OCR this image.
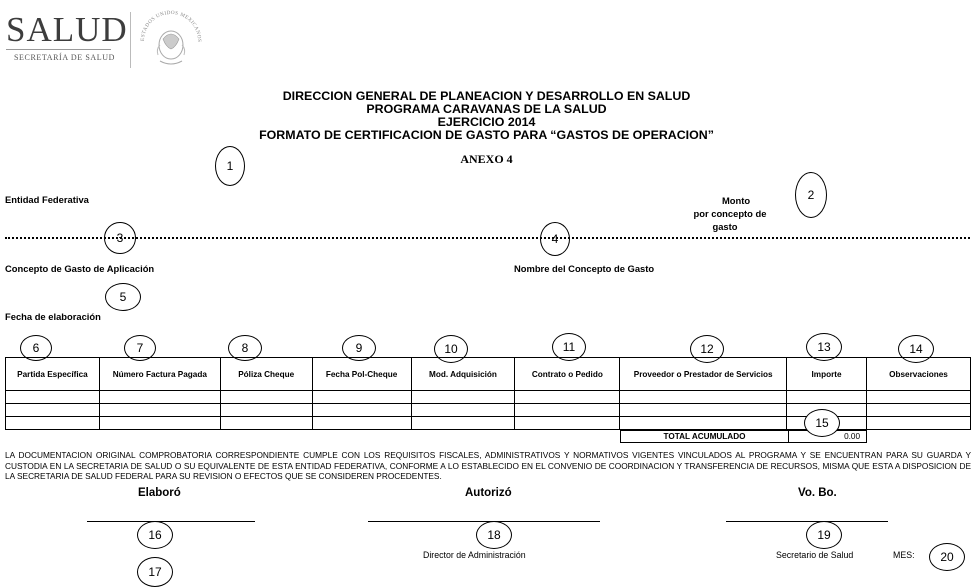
SALUD
SECRETARÍA DE SALUD
ESTADOS UNIDOS MEXICANOS
DIRECCION GENERAL DE PLANEACION Y DESARROLLO EN SALUD
PROGRAMA CARAVANAS DE LA SALUD
EJERCICIO 2014
FORMATO DE CERTIFICACION DE GASTO PARA “GASTOS DE OPERACION”
ANEXO 4
1
2
3	4
5
Entidad Federativa	Monto
por concepto de
gasto
Concepto de Gasto de Aplicación	Nombre del Concepto de Gasto
Fecha de elaboración
6	7	8	9	10	11	12	13	14
Partida Específica	Número Factura Pagada	Póliza Cheque	Fecha Pol-Cheque	Mod. Adquisición	Contrato o Pedido	Proveedor o Prestador de Servicios	Importe	Observaciones

TOTAL ACUMULADO	0.00
15
LA DOCUMENTACION ORIGINAL COMPROBATORIA CORRESPONDIENTE CUMPLE CON LOS REQUISITOS FISCALES, ADMINISTRATIVOS Y NORMATIVOS VIGENTES VINCULADOS AL PROGRAMA Y SE ENCUENTRAN PARA SU GUARDA Y CUSTODIA EN LA SECRETARIA DE SALUD O SU EQUIVALENTE DE ESTA ENTIDAD FEDERATIVA, CONFORME A LO ESTABLECIDO EN EL CONVENIO DE COORDINACION Y TRANSFERENCIA DE RECURSOS, MISMA QUE ESTA A DISPOSICION DE LA SECRETARIA DE SALUD FEDERAL PARA SU REVISION O EFECTOS QUE SE CONSIDEREN PROCEDENTES.
Elaboró	Autorizó	Vo. Bo.
16	18	19
Director de Administración	Secretario de Salud	MES:	20
17
